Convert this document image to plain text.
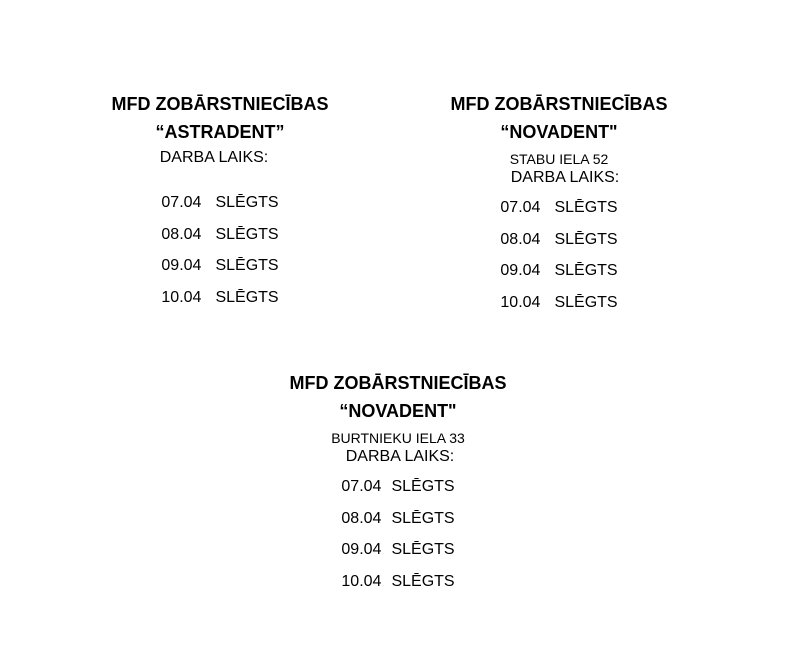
MFD ZOBĀRSTNIECĪBAS
“ASTRADENT”
DARBA LAIKS:
07.04 SLĒGTS
08.04 SLĒGTS
09.04 SLĒGTS
10.04 SLĒGTS
MFD ZOBĀRSTNIECĪBAS
“NOVADENT"
STABU IELA 52
DARBA LAIKS:
07.04 SLĒGTS
08.04 SLĒGTS
09.04 SLĒGTS
10.04 SLĒGTS
MFD ZOBĀRSTNIECĪBAS
“NOVADENT"
BURTNIEKU IELA 33
DARBA LAIKS:
07.04 SLĒGTS
08.04 SLĒGTS
09.04 SLĒGTS
10.04 SLĒGTS
